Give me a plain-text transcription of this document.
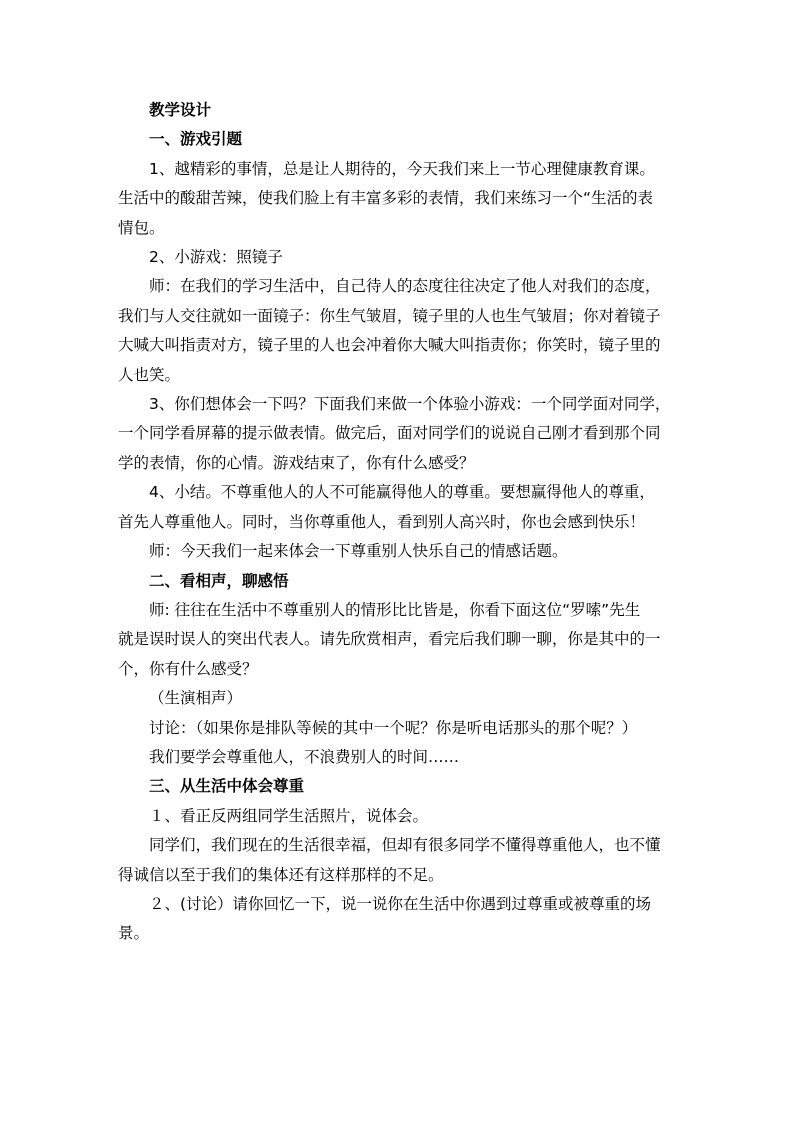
教学设计

一、游戏引题

1、越精彩的事情，总是让人期待的，今天我们来上一节心理健康教育课。

生活中的酸甜苦辣，使我们脸上有丰富多彩的表情，我们来练习一个“生活的表

情包。

2、小游戏：照镜子

师：在我们的学习生活中，自己待人的态度往往决定了他人对我们的态度，

我们与人交往就如一面镜子：你生气皱眉，镜子里的人也生气皱眉；你对着镜子

大喊大叫指责对方，镜子里的人也会冲着你大喊大叫指责你；你笑时，镜子里的

人也笑。

3、你们想体会一下吗？下面我们来做一个体验小游戏：一个同学面对同学，

一个同学看屏幕的提示做表情。做完后，面对同学们的说说自己刚才看到那个同

学的表情，你的心情。游戏结束了，你有什么感受？

4、小结。不尊重他人的人不可能赢得他人的尊重。要想赢得他人的尊重，

首先人尊重他人。同时，当你尊重他人，看到别人高兴时，你也会感到快乐！

师：今天我们一起来体会一下尊重别人快乐自己的情感话题。

二、看相声，聊感悟

师: 往往在生活中不尊重别人的情形比比皆是，你看下面这位“罗嗦”先生

就是误时误人的突出代表人。请先欣赏相声，看完后我们聊一聊，你是其中的一

个，你有什么感受？

（生演相声）

讨论：（如果你是排队等候的其中一个呢？你是听电话那头的那个呢？）

我们要学会尊重他人，不浪费别人的时间……

三、从生活中体会尊重

１、看正反两组同学生活照片，说体会。

同学们，我们现在的生活很幸福，但却有很多同学不懂得尊重他人，也不懂

得诚信以至于我们的集体还有这样那样的不足。

２、(讨论）请你回忆一下，说一说你在生活中你遇到过尊重或被尊重的场

景。
